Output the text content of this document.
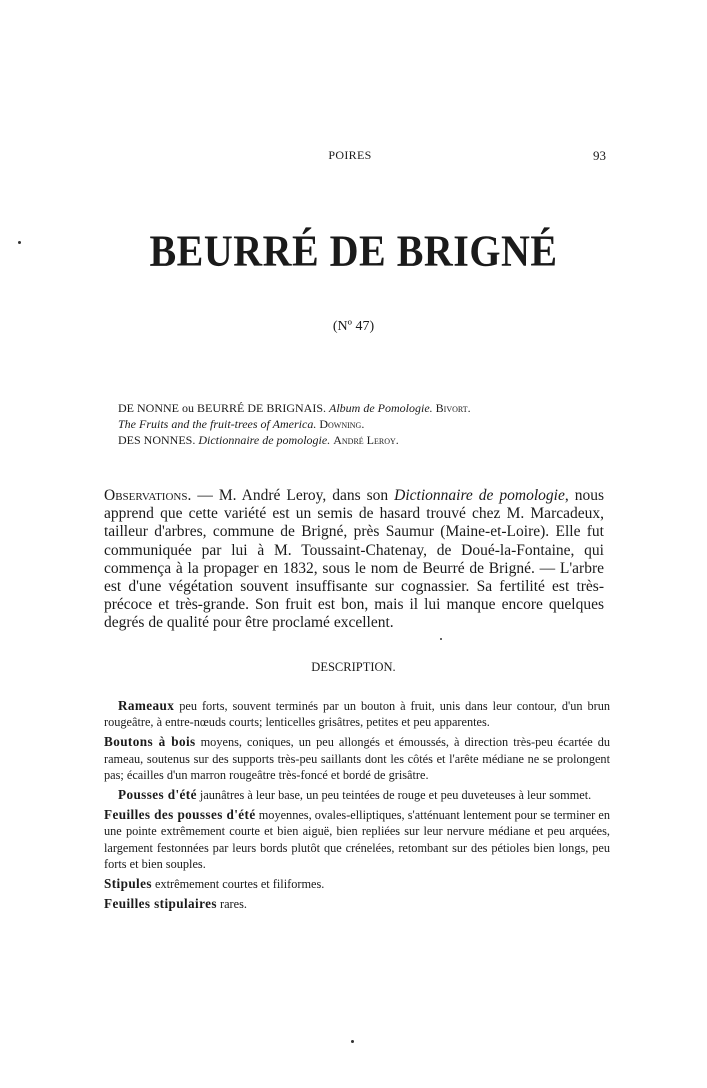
POIRES	93
BEURRÉ DE BRIGNÉ
(Nº 47)
DE NONNE ou BEURRÉ DE BRIGNAIS. Album de Pomologie. Bivort.
The Fruits and the fruit-trees of America. Downing.
DES NONNES. Dictionnaire de pomologie. André Leroy.
Observations. — M. André Leroy, dans son Dictionnaire de pomologie, nous apprend que cette variété est un semis de hasard trouvé chez M. Marcadeux, tailleur d'arbres, commune de Brigné, près Saumur (Maine-et-Loire). Elle fut communiquée par lui à M. Toussaint-Chatenay, de Doué-la-Fontaine, qui commença à la propager en 1832, sous le nom de Beurré de Brigné. — L'arbre est d'une végétation souvent insuffisante sur cognassier. Sa fertilité est très-précoce et très-grande. Son fruit est bon, mais il lui manque encore quelques degrés de qualité pour être proclamé excellent.
DESCRIPTION.

Rameaux peu forts, souvent terminés par un bouton à fruit, unis dans leur contour, d'un brun rougeâtre, à entre-nœuds courts; lenticelles grisâtres, petites et peu apparentes.

Boutons à bois moyens, coniques, un peu allongés et émoussés, à direction très-peu écartée du rameau, soutenus sur des supports très-peu saillants dont les côtés et l'arête médiane ne se prolongent pas; écailles d'un marron rougeâtre très-foncé et bordé de grisâtre.

Pousses d'été jaunâtres à leur base, un peu teintées de rouge et peu duveteuses à leur sommet.

Feuilles des pousses d'été moyennes, ovales-elliptiques, s'atténuant lentement pour se terminer en une pointe extrêmement courte et bien aiguë, bien repliées sur leur nervure médiane et peu arquées, largement festonnées par leurs bords plutôt que crénelées, retombant sur des pétioles bien longs, peu forts et bien souples.

Stipules extrêmement courtes et filiformes.

Feuilles stipulaires rares.
